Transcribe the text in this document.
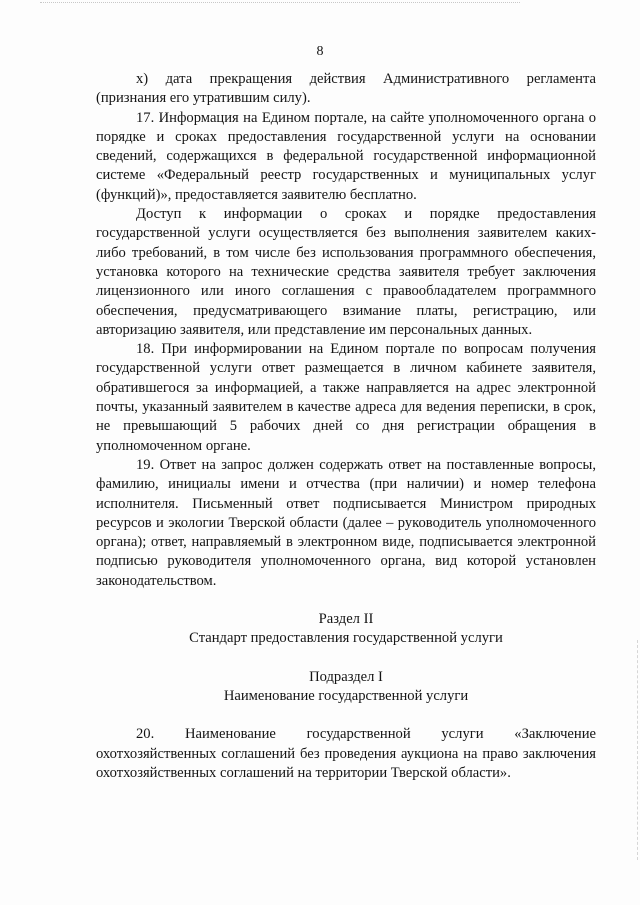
8

х) дата прекращения действия Административного регламента (признания его утратившим силу).

17. Информация на Едином портале, на сайте уполномоченного органа о порядке и сроках предоставления государственной услуги на основании сведений, содержащихся в федеральной государственной информационной системе «Федеральный реестр государственных и муниципальных услуг (функций)», предоставляется заявителю бесплатно.

Доступ к информации о сроках и порядке предоставления государственной услуги осуществляется без выполнения заявителем каких-либо требований, в том числе без использования программного обеспечения, установка которого на технические средства заявителя требует заключения лицензионного или иного соглашения с правообладателем программного обеспечения, предусматривающего взимание платы, регистрацию, или авторизацию заявителя, или представление им персональных данных.

18. При информировании на Едином портале по вопросам получения государственной услуги ответ размещается в личном кабинете заявителя, обратившегося за информацией, а также направляется на адрес электронной почты, указанный заявителем в качестве адреса для ведения переписки, в срок, не превышающий 5 рабочих дней со дня регистрации обращения в уполномоченном органе.

19. Ответ на запрос должен содержать ответ на поставленные вопросы, фамилию, инициалы имени и отчества (при наличии) и номер телефона исполнителя. Письменный ответ подписывается Министром природных ресурсов и экологии Тверской области (далее – руководитель уполномоченного органа); ответ, направляемый в электронном виде, подписывается электронной подписью руководителя уполномоченного органа, вид которой установлен законодательством.

Раздел II

Стандарт предоставления государственной услуги

Подраздел I

Наименование государственной услуги

20. Наименование государственной услуги «Заключение охотхозяйственных соглашений без проведения аукциона на право заключения охотхозяйственных соглашений на территории Тверской области».
